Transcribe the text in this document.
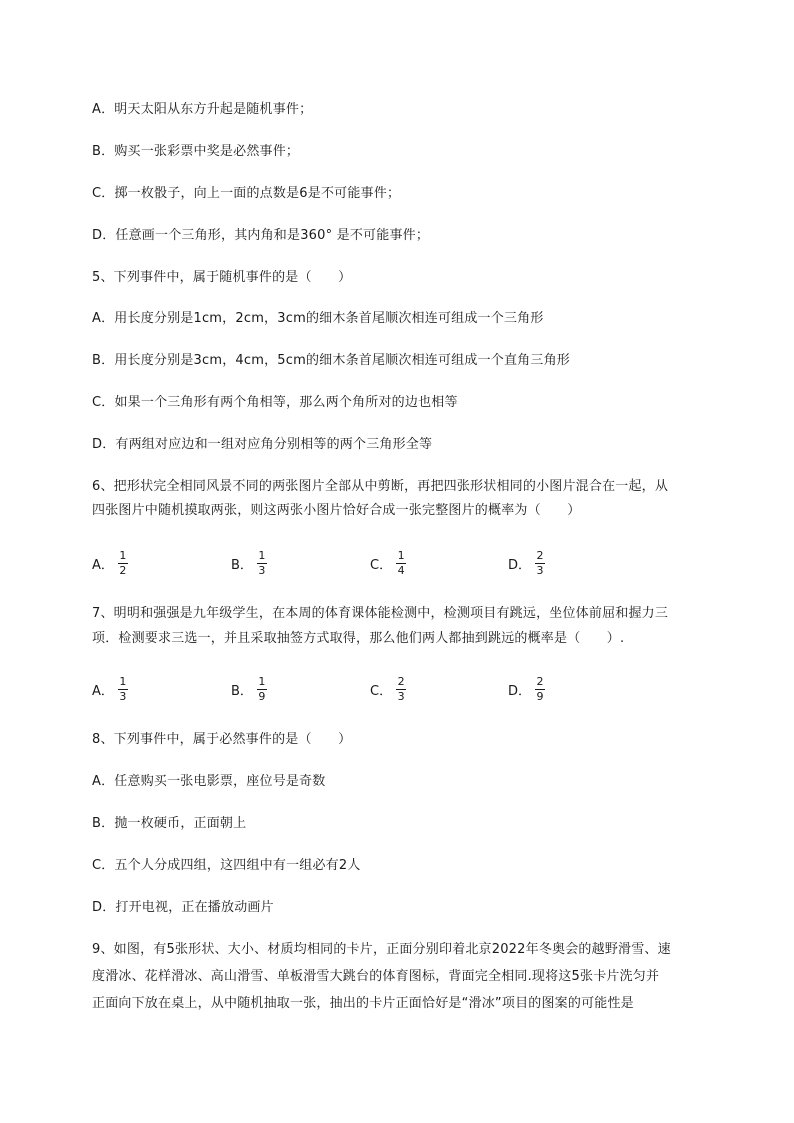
A．明天太阳从东方升起是随机事件；
B．购买一张彩票中奖是必然事件；
C．掷一枚骰子，向上一面的点数是6是不可能事件；
D．任意画一个三角形，其内角和是360° 是不可能事件；
5、下列事件中，属于随机事件的是（　　）
A．用长度分别是1cm，2cm，3cm的细木条首尾顺次相连可组成一个三角形
B．用长度分别是3cm，4cm，5cm的细木条首尾顺次相连可组成一个直角三角形
C．如果一个三角形有两个角相等，那么两个角所对的边也相等
D．有两组对应边和一组对应角分别相等的两个三角形全等
6、把形状完全相同风景不同的两张图片全部从中剪断，再把四张形状相同的小图片混合在一起，从
四张图片中随机摸取两张，则这两张小图片恰好合成一张完整图片的概率为（　　）
A． $\frac{1}{2}$	B． $\frac{1}{3}$	C． $\frac{1}{4}$	D． $\frac{2}{3}$
7、明明和强强是九年级学生，在本周的体育课体能检测中，检测项目有跳远，坐位体前屈和握力三
项．检测要求三选一，并且采取抽签方式取得，那么他们两人都抽到跳远的概率是（　　）.
A． $\frac{1}{3}$	B． $\frac{1}{9}$	C． $\frac{2}{3}$	D． $\frac{2}{9}$
8、下列事件中，属于必然事件的是（　　）
A．任意购买一张电影票，座位号是奇数
B．抛一枚硬币，正面朝上
C．五个人分成四组，这四组中有一组必有2人
D．打开电视，正在播放动画片
9、如图，有5张形状、大小、材质均相同的卡片，正面分别印着北京2022年冬奥会的越野滑雪、速
度滑冰、花样滑冰、高山滑雪、单板滑雪大跳台的体育图标，背面完全相同.现将这5张卡片洗匀并
正面向下放在桌上，从中随机抽取一张，抽出的卡片正面恰好是“滑冰”项目的图案的可能性是
